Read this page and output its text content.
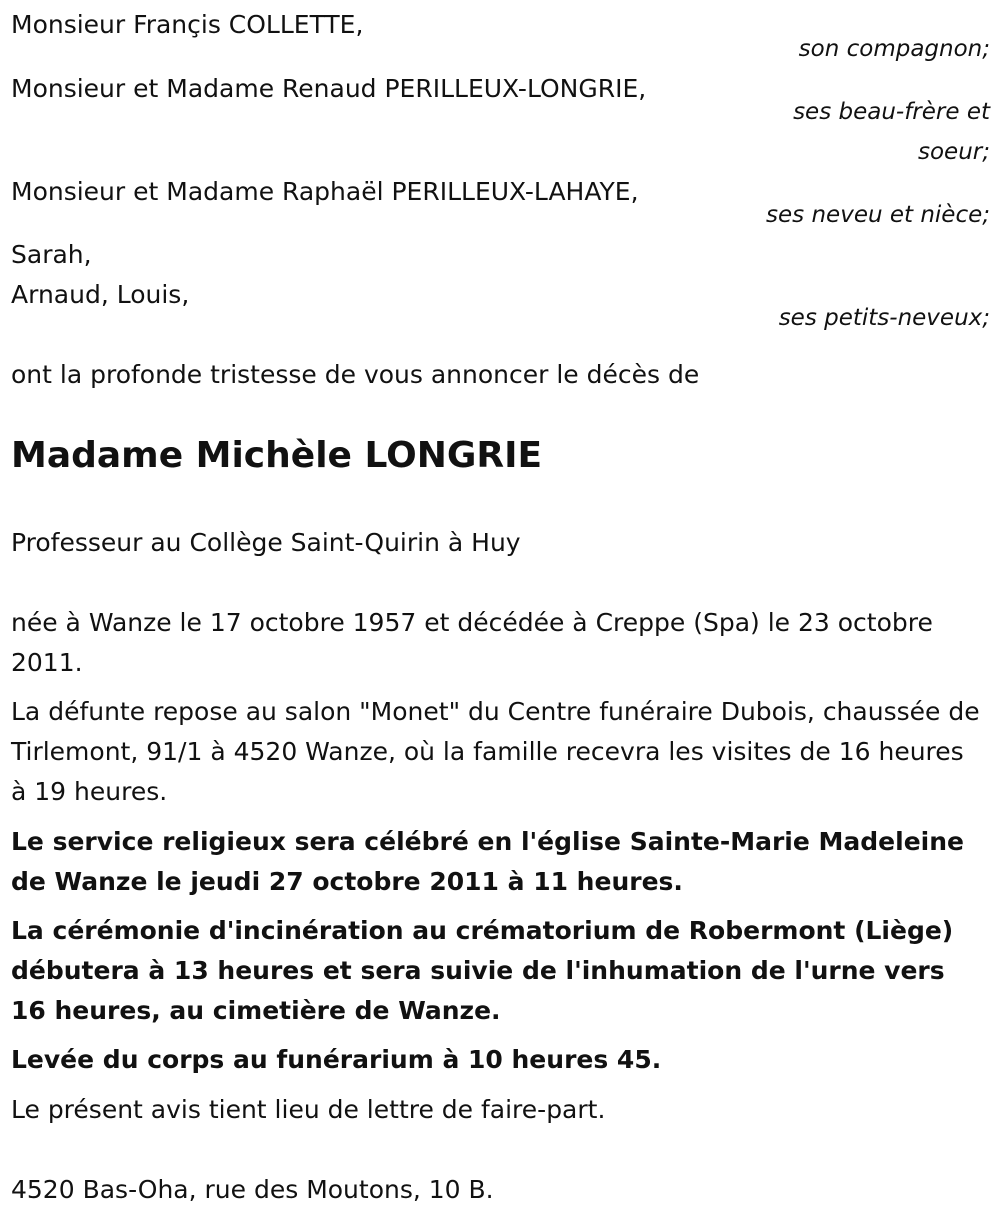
Monsieur Françis COLLETTE,
son compagnon;
Monsieur et Madame Renaud PERILLEUX-LONGRIE,
ses beau-frère et
soeur;
Monsieur et Madame Raphaël PERILLEUX-LAHAYE,
ses neveu et nièce;
Sarah,
Arnaud, Louis,
ses petits-neveux;
ont la profonde tristesse de vous annoncer le décès de
Madame Michèle LONGRIE
Professeur au Collège Saint-Quirin à Huy
née à Wanze le 17 octobre 1957 et décédée à Creppe (Spa) le 23 octobre 2011.
La défunte repose au salon "Monet" du Centre funéraire Dubois, chaussée de Tirlemont, 91/1 à 4520 Wanze, où la famille recevra les visites de 16 heures à 19 heures.
Le service religieux sera célébré en l'église Sainte-Marie Madeleine de Wanze le jeudi 27 octobre 2011 à 11 heures.
La cérémonie d'incinération au crématorium de Robermont (Liège) débutera à 13 heures et sera suivie de l'inhumation de l'urne vers 16 heures, au cimetière de Wanze.
Levée du corps au funérarium à 10 heures 45.
Le présent avis tient lieu de lettre de faire-part.
4520 Bas-Oha, rue des Moutons, 10 B.
